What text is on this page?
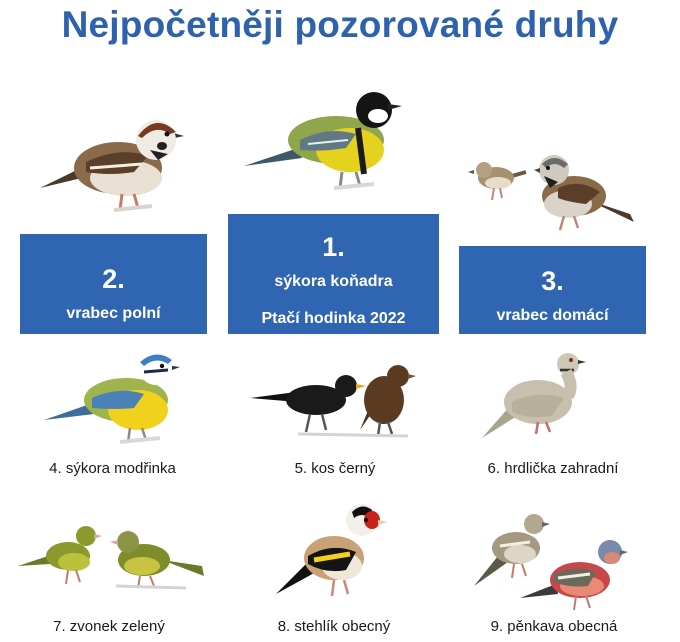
Nejpočetněji pozorované druhy
2.
vrabec polní
1.
sýkora koňadra
Ptačí hodinka 2022
3.
vrabec domácí
4. sýkora modřinka	5. kos černý	6. hrdlička zahradní
7. zvonek zelený	8. stehlík obecný	9. pěnkava obecná
